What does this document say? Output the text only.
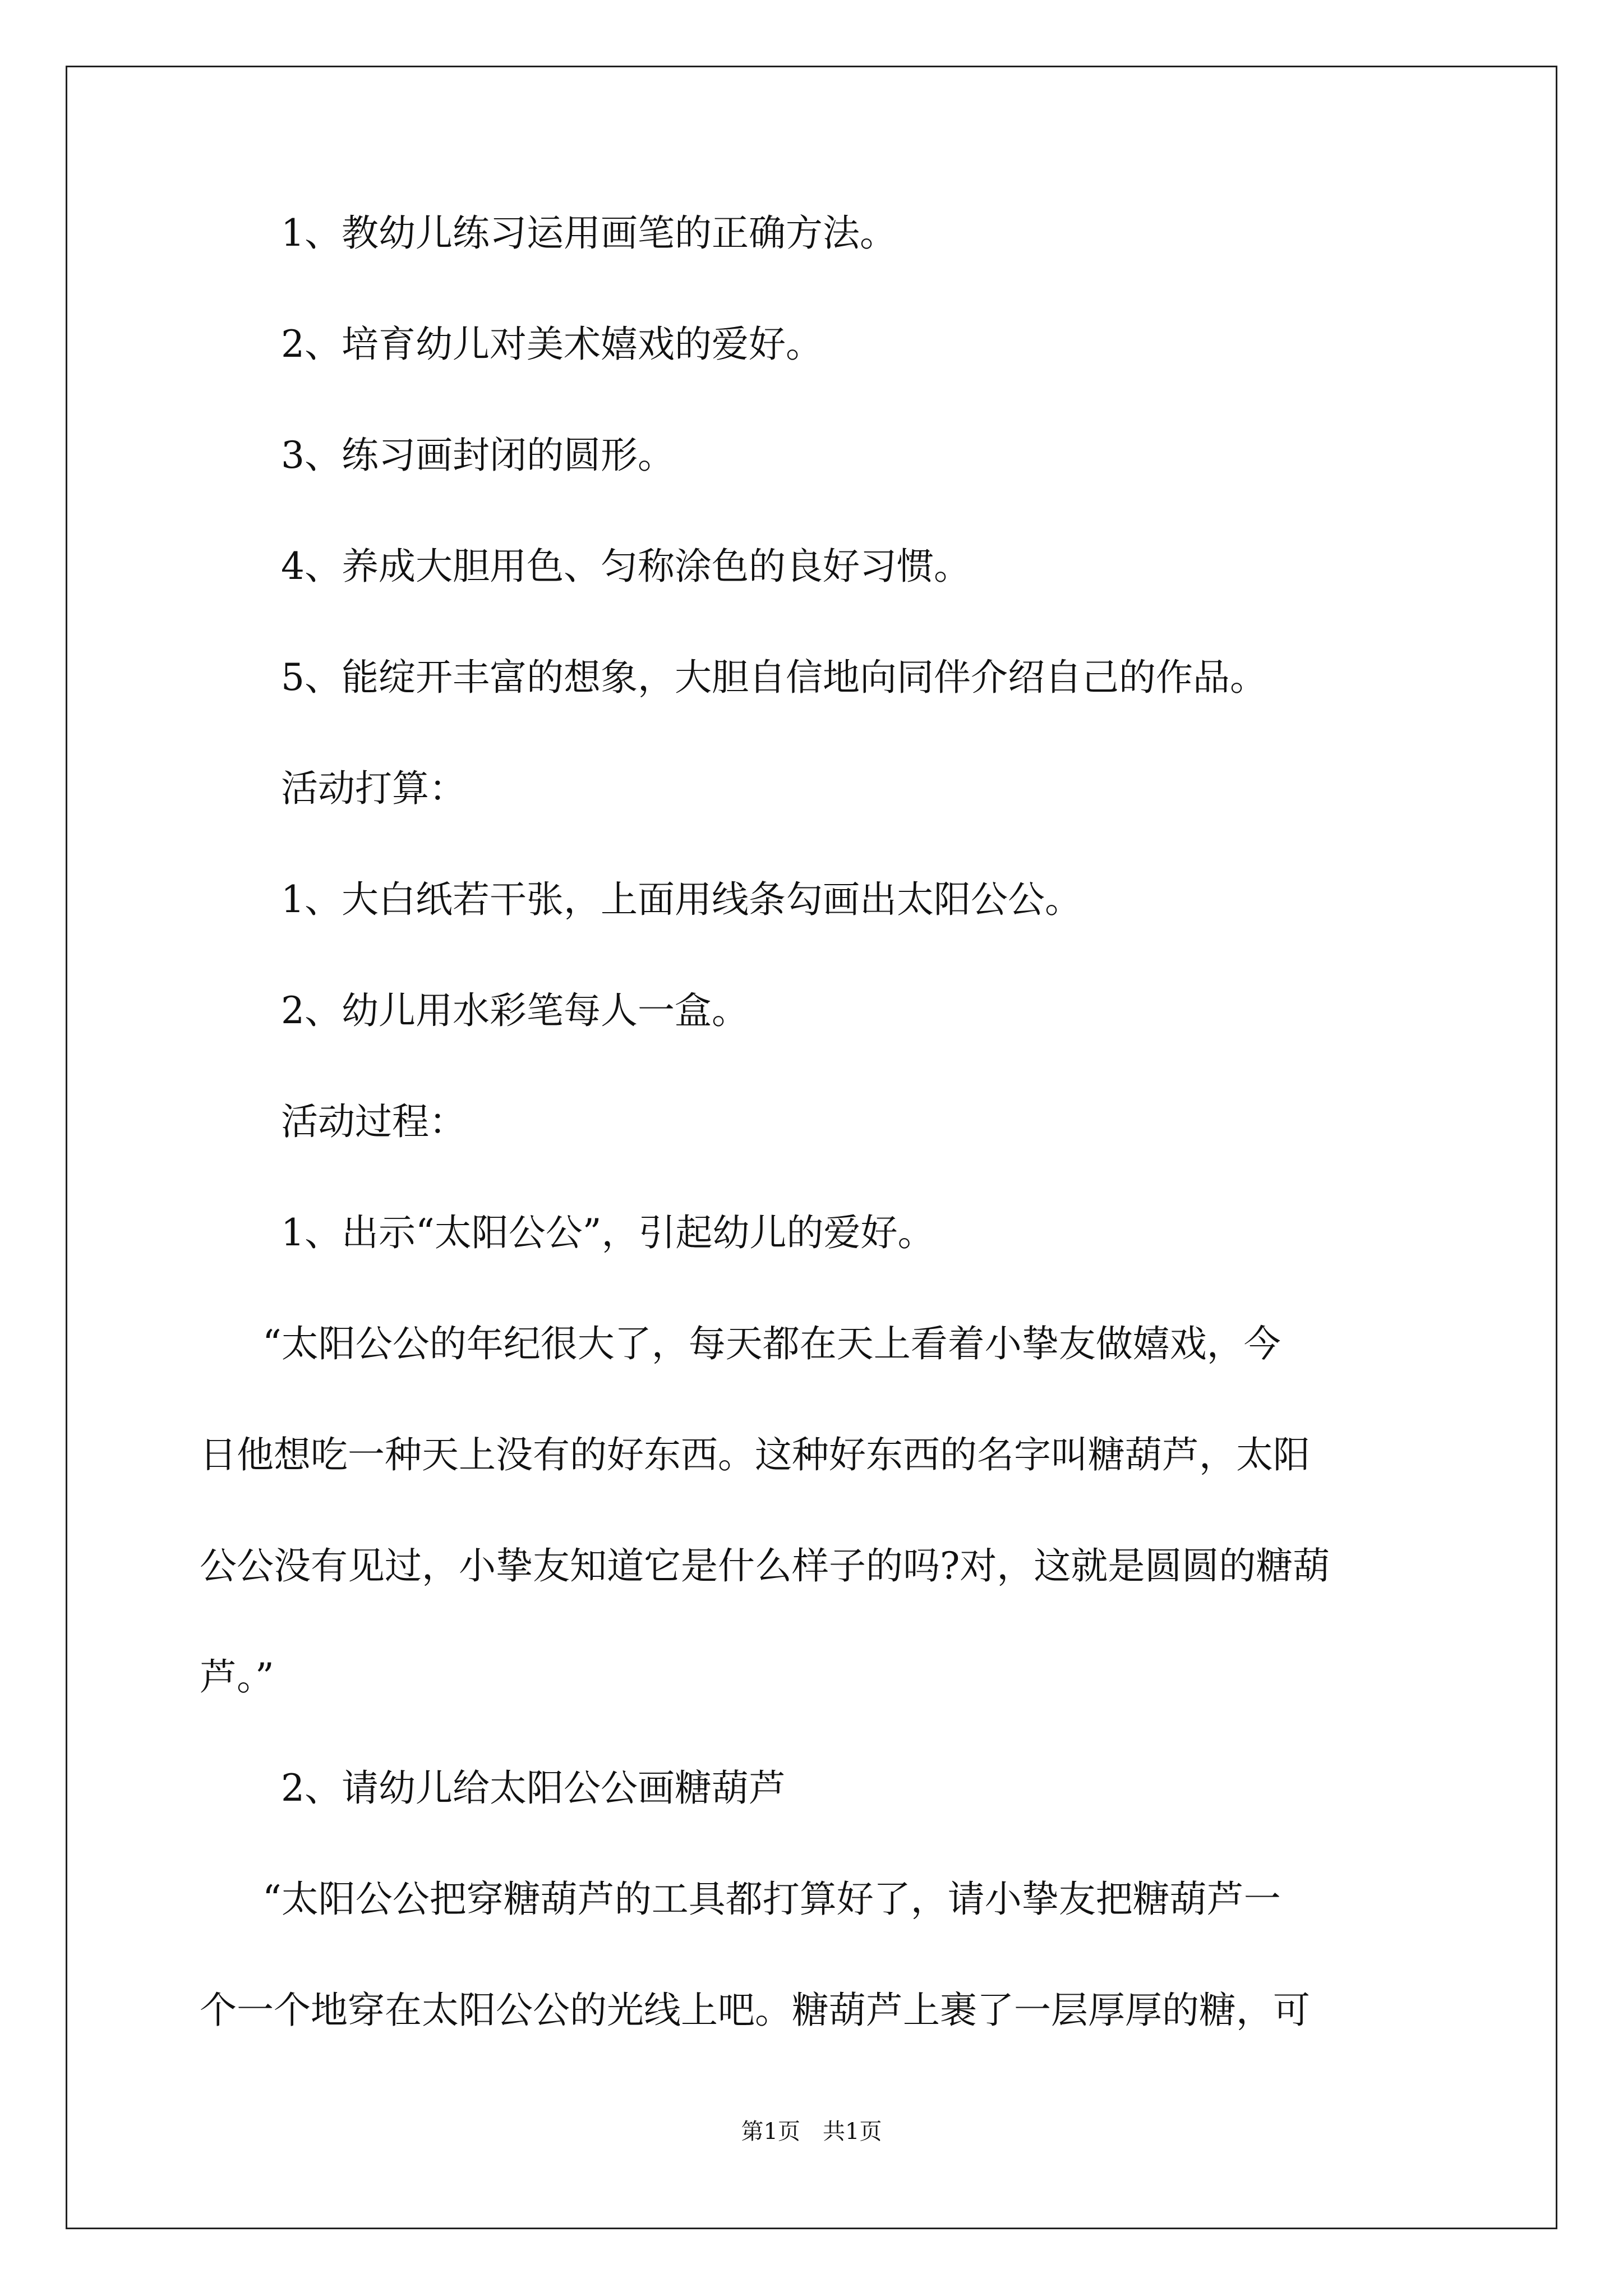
1、教幼儿练习运用画笔的正确方法。
2、培育幼儿对美术嬉戏的爱好。
3、练习画封闭的圆形。
4、养成大胆用色、匀称涂色的良好习惯。
5、能绽开丰富的想象，大胆自信地向同伴介绍自己的作品。
活动打算：
1、大白纸若干张，上面用线条勾画出太阳公公。
2、幼儿用水彩笔每人一盒。
活动过程：
1、出示“太阳公公”，引起幼儿的爱好。
“太阳公公的年纪很大了，每天都在天上看着小挚友做嬉戏，今
日他想吃一种天上没有的好东西。这种好东西的名字叫糖葫芦，太阳
公公没有见过，小挚友知道它是什么样子的吗?对，这就是圆圆的糖葫
芦。”
2、请幼儿给太阳公公画糖葫芦
“太阳公公把穿糖葫芦的工具都打算好了，请小挚友把糖葫芦一
个一个地穿在太阳公公的光线上吧。糖葫芦上裹了一层厚厚的糖，可
第1页　共1页
